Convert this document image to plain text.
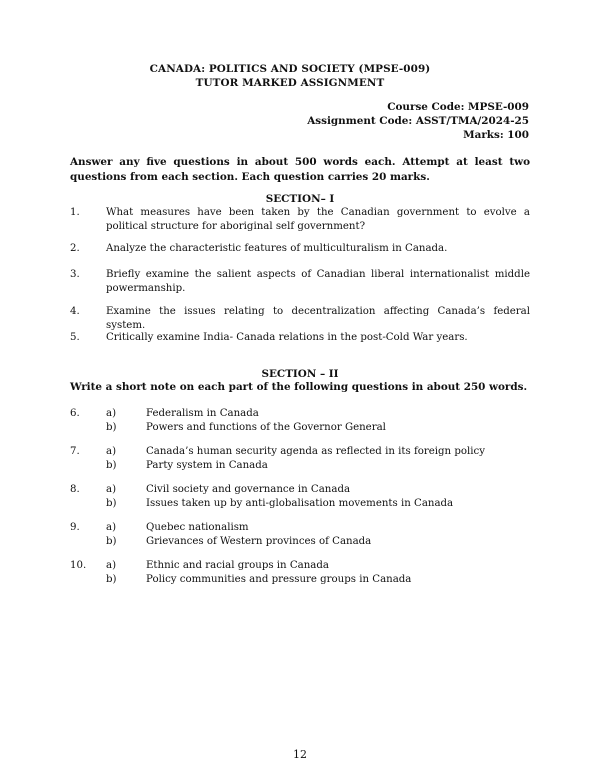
CANADA: POLITICS AND SOCIETY (MPSE-009)
TUTOR MARKED ASSIGNMENT
Course Code: MPSE-009
Assignment Code: ASST/TMA/2024-25
Marks: 100
Answer any five questions in about 500 words each. Attempt at least two questions from each section. Each question carries 20 marks.
SECTION– I
1.	What measures have been taken by the Canadian government to evolve a political structure for aboriginal self government?
2.	Analyze the characteristic features of multiculturalism in Canada.
3.	Briefly examine the salient aspects of Canadian liberal internationalist middle powermanship.
4.	Examine the issues relating to decentralization affecting Canada’s federal system.
5.	Critically examine India- Canada relations in the post-Cold War years.
SECTION – II
Write a short note on each part of the following questions in about 250 words.
6.	a)	Federalism in Canada
b)	Powers and functions of the Governor General
7.	a)	Canada’s human security agenda as reflected in its foreign policy
b)	Party system in Canada
8.	a)	Civil society and governance in Canada
b)	Issues taken up by anti-globalisation movements in Canada
9.	a)	Quebec nationalism
b)	Grievances of Western provinces of Canada
10. a)	Ethnic and racial groups in Canada
b)	Policy communities and pressure groups in Canada
12
